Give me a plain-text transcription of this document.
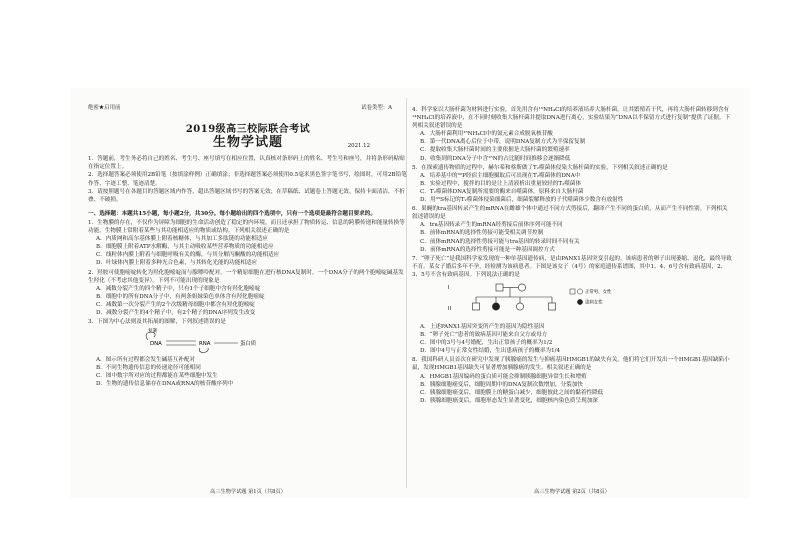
绝密★启用前	试卷类型：A
2019级高三校际联合考试
生物学试题	2021.12

1．答题前，考生务必将自己的姓名、考生号、座号填写在相应位置，认真核对条形码上的姓名、考生号和座号，并将条形码粘贴在指定位置上。

2．选择题答案必须使用2B铅笔（按填涂样例）正确填涂；非选择题答案必须使用0.5毫米黑色签字笔书写，绘图时，可用2B铅笔作答，字迹工整、笔迹清楚。

3．请按照题号在各题目的答题区域内作答，超出答题区域书写的答案无效；在草稿纸、试题卷上答题无效。保持卡面清洁，不折叠、不破损。

一、选择题：本题共15小题，每小题2分，共30分。每小题给出的四个选项中，只有一个选项是最符合题目要求的。

1．生物膜的存在，不仅作为屏障为细胞的生命活动创造了稳定的内环境，而且还承担了物质转运、信息的跨膜传递和能量转换等功能。生物膜上常附着某些与其功能相适应的物质或结构。下列相关叙述正确的是

A．内质网和高尔基体膜上附着核糖体，与其加工多肽链的功能相适应

B．细胞膜上附着ATP水解酶，与其主动吸收某些营养物质的功能相适应

C．线粒体内膜上附着与细胞呼吸有关的酶，与其分解丙酮酸的功能相适应

D．叶绿体内膜上附着多种光合色素，与其转化光能的功能相适应

2．羟胺可使胞嘧啶转化为羟化胞嘧啶而与腺嘌呤配对。一个精原细胞在进行核DNA复制时，一个DNA分子的两个胞嘧啶碱基发生羟化（不考虑其他变异）。下列不可能出现的现象是

A．减数分裂产生的四个精子中，只有1个子细胞中含有羟化胞嘧啶

B．细胞中的所有DNA分子中，有两条姐妹染色单体含有羟化胞嘧啶

C．减数第一次分裂产生的2个次级精母细胞中都含有羟化胞嘧啶

D．减数分裂产生的4个精子中，有2个精子的DNA序列发生改变

3．下图为中心法则及其拓展的图解，下列叙述错误的是

复制
DNA	RNA	蛋白质

A．图示所有过程都会发生碱基互补配对

B．不同生物遗传信息的传递途径可能相同

C．图中数字所对应的过程都能在某些细胞中发生

D．生物的遗传信息储存在DNA或RNA的核苷酸序列中

高三生物学试题 第1页（共8页）

4．科学家以大肠杆菌为材料进行实验，首先用含有¹⁵NH₄Cl的培养液培养大肠杆菌，让其繁殖若干代，再将大肠杆菌转移到含有¹⁴NH₄Cl的培养液中，在不同时刻收集大肠杆菌并提取DNA进行离心，实验结果为“DNA以半保留方式进行复制”提供了证据。下列相关叙述错误的是

A．大肠杆菌利用¹⁵NH₄Cl中的氮元素合成脱氧核苷酸

B．第一代DNA离心后位于中带，说明DNA复制方式为半保留复制

C．提取收集大肠杆菌时间的主要依据是大肠杆菌的繁殖速率

D．收集到的DNA分子中含¹⁵N的占比随时间推移会逐渐降低

5．在探索遗传物质的过程中，赫尔希和蔡斯做了T₂噬菌体侵染大肠杆菌的实验，下列相关叙述正确的是

A．培养基中的³²P经宿主细胞摄取后可出现在T₂噬菌体的DNA中

B．实验过程中，搅拌的目的是让上清液析出重量较轻的T₂噬菌体

C．T₂噬菌体DNA复制所需要的酶来自噬菌体，原料来自大肠杆菌

D．用³⁵S标记的T₂噬菌体侵染细菌后，细菌裂解释放的子代噬菌体少数含有放射性

6．果蝇的tra基因转录产生的mRNA在雌雄个体中通过不同方式剪接后，翻译产生不同的蛋白质，从而产生不同性别。下列相关叙述错误的是

A．tra基因转录产生的mRNA经剪接后前体序列可能不同

B．前体mRNA的选择性剪接可能受相关调节控制

C．前体mRNA的选择性剪接可能与tra基因的转录时间不同有关

D．前体mRNA的选择性剪接可能是一种基因调控方式

7．“卵子死亡”是我国科学家发现的一种单基因遗传病，是由PANX1基因突变引起的。该病患者的卵子出现萎缩、退化，最终导致不育。某女子婚后多年不孕，经检测为该病患者。下图是该女子（4号）的家庭遗传系谱图，其中1、4、6号含有致病基因，2、3、5号不含有致病基因。下列说法正确的是

I
II
正常男、女性
患病女性

A．上述PANX1基因突变所产生的基因为隐性基因

B．“卵子死亡”患者的致病基因可能来自父方或母方

C．图中的3号与4号婚配，生出正常孩子的概率为1/2

D．图中4号与正常女性结婚，生出患病孩子的概率为1/4

8．我国科研人员首次在研究中发现了胰腺癌的发生与抑癌基因HMGB1的缺失有关。他们将它们开发出一个HMGB1基因缺陷小鼠，发现HMGB1基因缺失可显著增加胰腺癌的发生。相关叙述正确的是

A．HMGB1基因编码的蛋白质可能会抑制胰腺细胞异常生长和增殖

B．胰腺细胞癌变后，细胞周期中的DNA复制次数增加，分裂加快

C．胰腺细胞癌变后，细胞膜上的糖蛋白减少，细胞彼此之间的黏着性降低

D．胰腺细胞癌变后，细胞形态发生显著变化，细胞核内染色质呈现加深

高三生物学试题 第2页（共8页）
